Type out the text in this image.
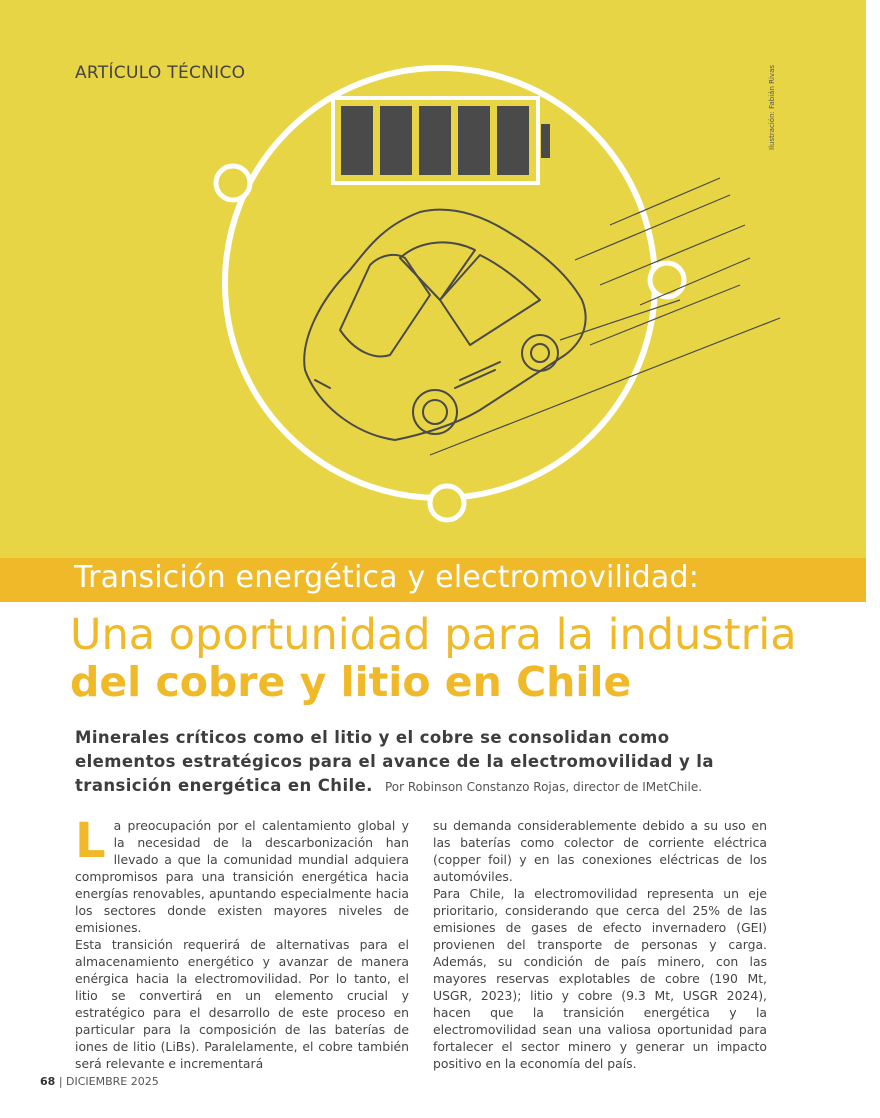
ARTÍCULO TÉCNICO	Ilustración: Fabián Rivas
Transición energética y electromovilidad:
Una oportunidad para la industria
del cobre y litio en Chile
Minerales críticos como el litio y el cobre se consolidan como elementos estratégicos para el avance de la electromovilidad y la transición energética en Chile. Por Robinson Constanzo Rojas, director de IMetChile.
L a preocupación por el calentamiento global y la necesidad de la descarbonización han llevado a que la comunidad mundial adquiera compromisos para una transición energética hacia energías renovables, apuntando especialmente hacia los sectores donde existen mayores niveles de emisiones.

Esta transición requerirá de alternativas para el almacenamiento energético y avanzar de manera enérgica hacia la electromovilidad. Por lo tanto, el litio se convertirá en un elemento crucial y estratégico para el desarrollo de este proceso en particular para la composición de las baterías de iones de litio (LiBs). Paralelamente, el cobre también será relevante e incrementará

su demanda considerablemente debido a su uso en las baterías como colector de corriente eléctrica (copper foil) y en las conexiones eléctricas de los automóviles.

Para Chile, la electromovilidad representa un eje prioritario, considerando que cerca del 25% de las emisiones de gases de efecto invernadero (GEI) provienen del transporte de personas y carga. Además, su condición de país minero, con las mayores reservas explotables de cobre (190 Mt, USGR, 2023); litio y cobre (9.3 Mt, USGR 2024), hacen que la transición energética y la electromovilidad sean una valiosa oportunidad para fortalecer el sector minero y generar un impacto positivo en la economía del país.

68 | DICIEMBRE 2025
